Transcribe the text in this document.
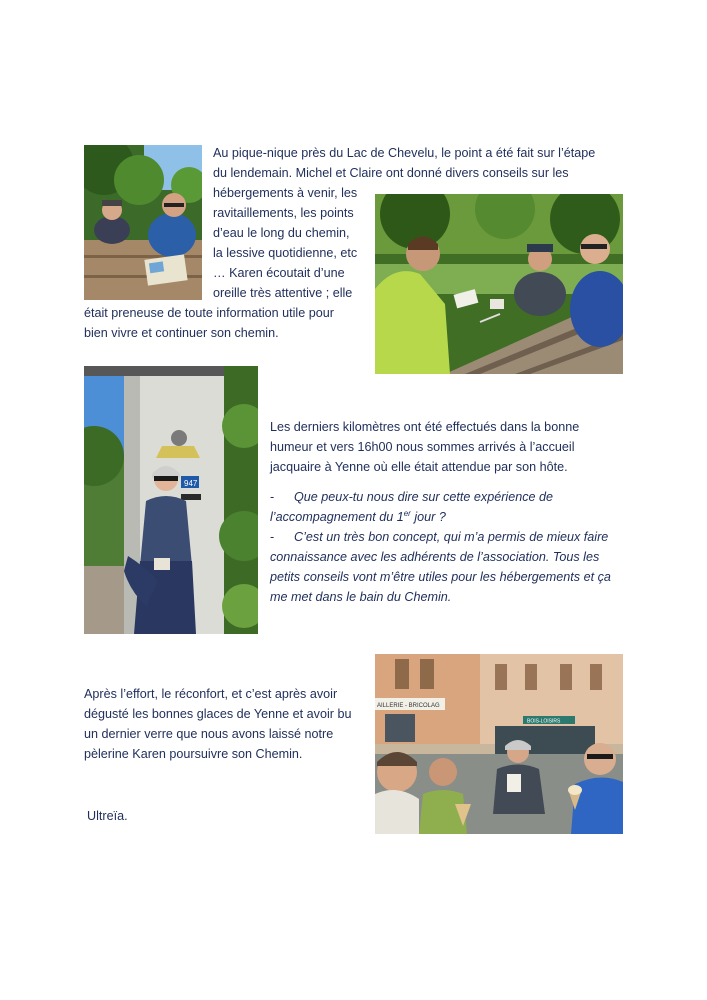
Au pique-nique près du Lac de Chevelu, le point a été fait sur l’étape
du lendemain. Michel et Claire ont donné divers conseils sur les
hébergements à venir, les
ravitaillements, les points
d’eau le long du chemin,
la lessive quotidienne, etc
… Karen écoutait d’une
oreille très attentive ; elle
était preneuse de toute information utile pour
bien vivre et continuer son chemin.
947
Les derniers kilomètres ont été effectués dans la bonne
humeur et vers 16h00 nous sommes arrivés à l’accueil
jacquaire à Yenne où elle était attendue par son hôte.
- Que peux-tu nous dire sur cette expérience de
l’accompagnement du 1er jour ?
- C’est un très bon concept, qui m’a permis de mieux faire
connaissance avec les adhérents de l’association. Tous les
petits conseils vont m’être utiles pour les hébergements et ça
me met dans le bain du Chemin.
Après l’effort, le réconfort, et c’est après avoir
dégusté les bonnes glaces de Yenne et avoir bu
un dernier verre que nous avons laissé notre
pèlerine Karen poursuivre son Chemin.
Ultreïa.
AILLERIE - BRICOLAG
BOIS-LOISIRS
